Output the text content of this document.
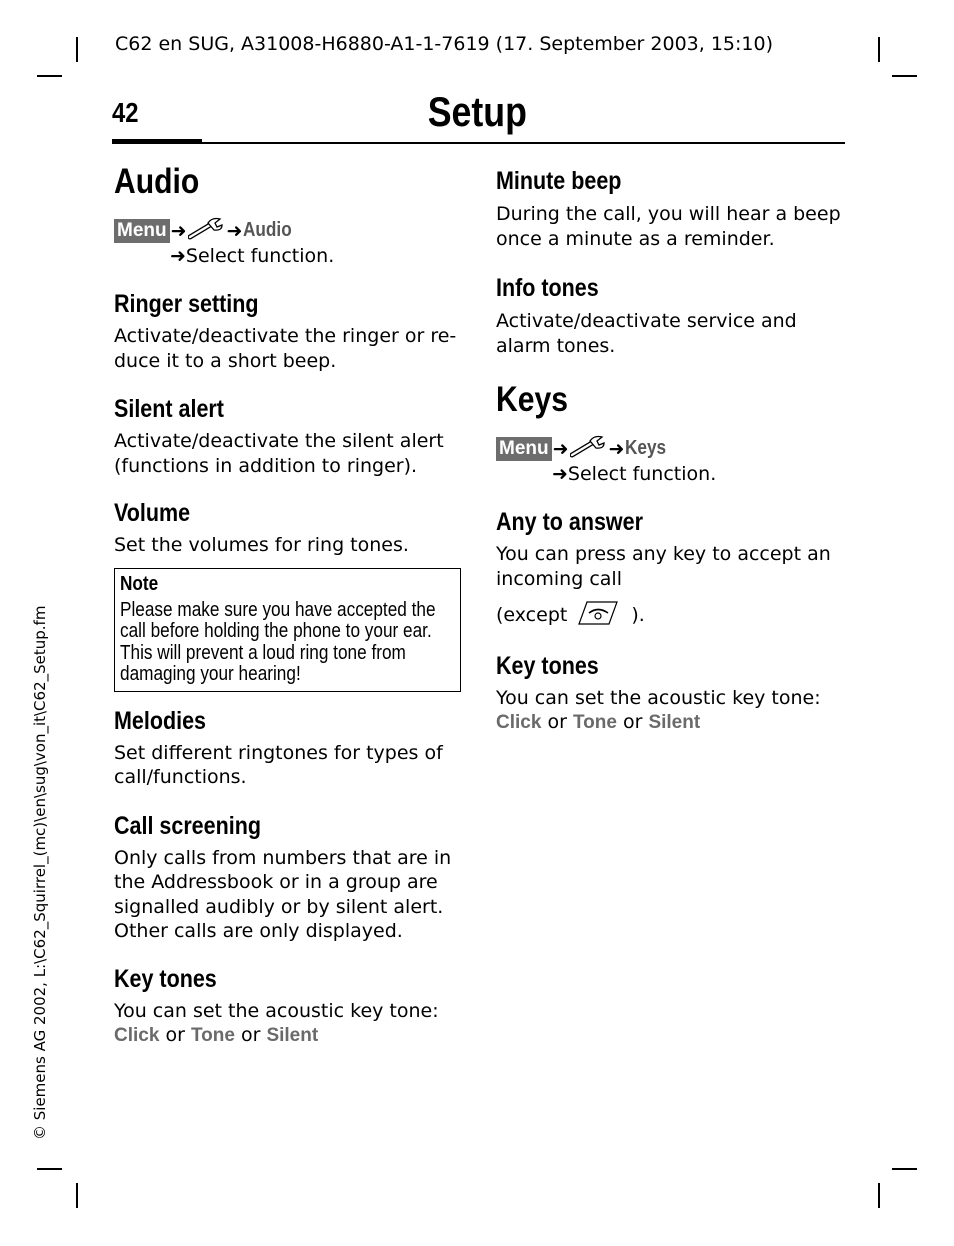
C62 en SUG, A31008-H6880-A1-1-7619 (17. September 2003, 15:10)
© Siemens AG 2002, L:\C62_Squirrel_(mc)\en\sug\von_it\C62_Setup.fm
42	Setup
Audio
Menu ➜ ➜Audio
➜Select function.
Ringer setting

Activate/deactivate the ringer or re-duce it to a short beep.

Silent alert

Activate/deactivate the silent alert (functions in addition to ringer).

Volume

Set the volumes for ring tones.

Note
Please make sure you have accepted the call before holding the phone to your ear. This will prevent a loud ring tone from damaging your hearing!
Melodies

Set different ringtones for types of call/functions.

Call screening

Only calls from numbers that are in the Addressbook or in a group are signalled audibly or by silent alert. Other calls are only displayed.

Key tones

You can set the acoustic key tone:
Click or Tone or Silent

Minute beep

During the call, you will hear a beep once a minute as a reminder.

Info tones

Activate/deactivate service and alarm tones.

Keys
Menu ➜ ➜Keys
➜Select function.
Any to answer

You can press any key to accept an incoming call

(except	).

Key tones

You can set the acoustic key tone:
Click or Tone or Silent
